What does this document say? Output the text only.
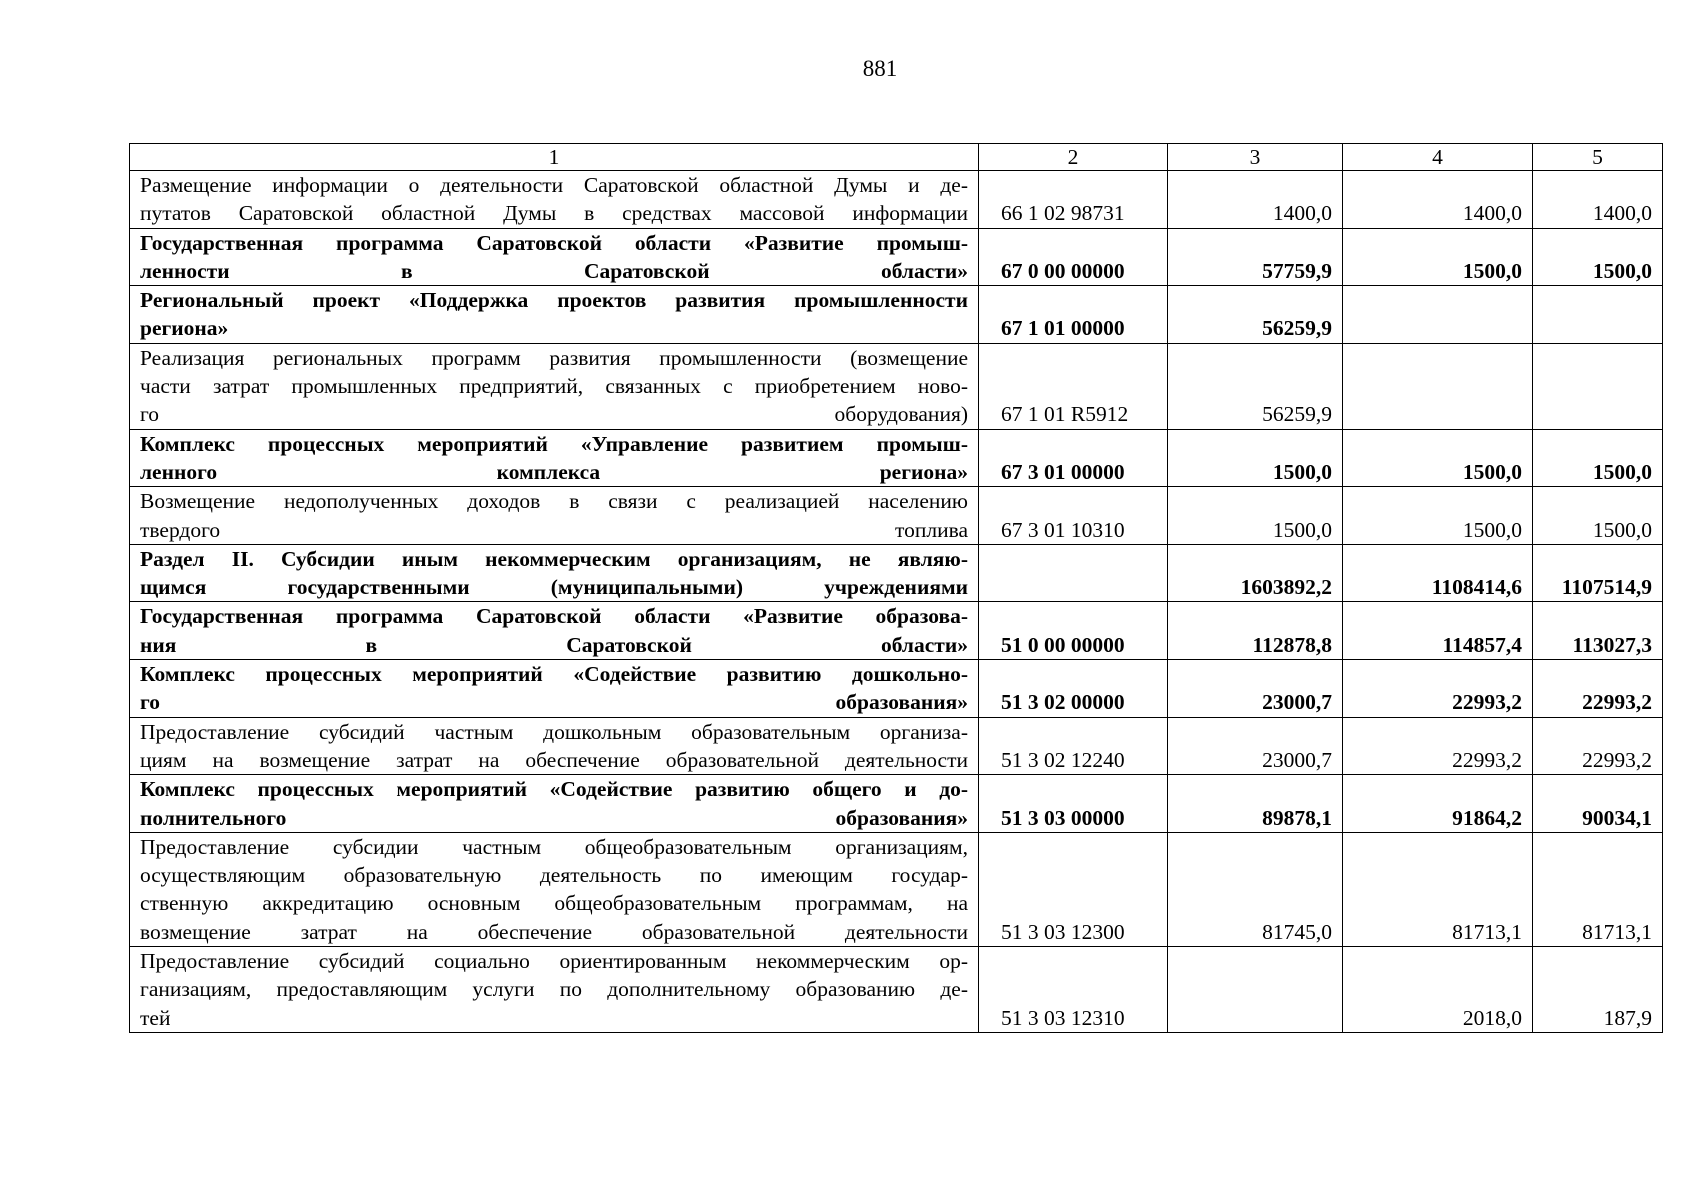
881
1	2	3	4	5

Размещение информации о деятельности Саратовской областной Думы и де-
путатов Саратовской областной Думы в средствах массовой информации	66 1 02 98731	1400,0	1400,0	1400,0

Государственная программа Саратовской области «Развитие промыш-
ленности в Саратовской области»	67 0 00 00000	57759,9	1500,0	1500,0

Региональный проект «Поддержка проектов развития промышленности
региона»	67 1 01 00000	56259,9		

Реализация региональных программ развития промышленности (возмещение
части затрат промышленных предприятий, связанных с приобретением ново-
го оборудования)	67 1 01 R5912	56259,9		

Комплекс процессных мероприятий «Управление развитием промыш-
ленного комплекса региона»	67 3 01 00000	1500,0	1500,0	1500,0

Возмещение недополученных доходов в связи с реализацией населению
твердого топлива	67 3 01 10310	1500,0	1500,0	1500,0

Раздел II. Субсидии иным некоммерческим организациям, не являю-
щимся государственными (муниципальными) учреждениями		1603892,2	1108414,6	1107514,9

Государственная программа Саратовской области «Развитие образова-
ния в Саратовской области»	51 0 00 00000	112878,8	114857,4	113027,3

Комплекс процессных мероприятий «Содействие развитию дошкольно-
го образования»	51 3 02 00000	23000,7	22993,2	22993,2

Предоставление субсидий частным дошкольным образовательным организа-
циям на возмещение затрат на обеспечение образовательной деятельности	51 3 02 12240	23000,7	22993,2	22993,2

Комплекс процессных мероприятий «Содействие развитию общего и до-
полнительного образования»	51 3 03 00000	89878,1	91864,2	90034,1

Предоставление субсидии частным общеобразовательным организациям,
осуществляющим образовательную деятельность по имеющим государ-
ственную аккредитацию основным общеобразовательным программам, на
возмещение затрат на обеспечение образовательной деятельности	51 3 03 12300	81745,0	81713,1	81713,1

Предоставление субсидий социально ориентированным некоммерческим ор-
ганизациям, предоставляющим услуги по дополнительному образованию де-
тей	51 3 03 12310		2018,0	187,9
